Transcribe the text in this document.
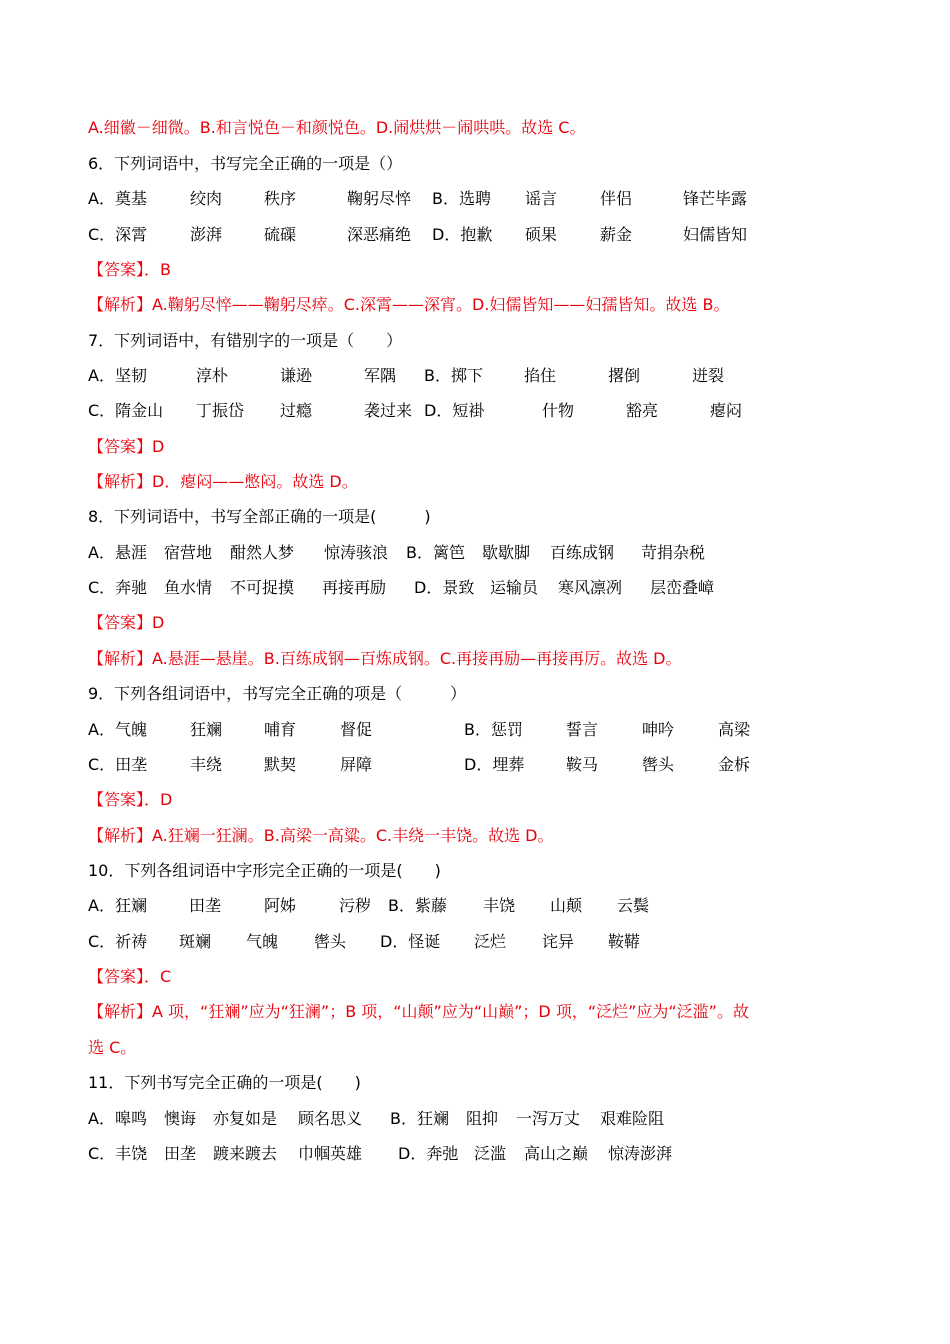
A.细徽－细微。B.和言悦色－和颜悦色。D.闹烘烘－闹哄哄。故选 C。
6．下列词语中，书写完全正确的一项是（）
A．奠基	绞肉	秩序	鞠躬尽悴 B．选聘 谣言	伴侣	锋芒毕露
C．深霄	澎湃	硫磲	深恶痛绝 D．抱歉 硕果	薪金	妇儒皆知
【答案】．B
【解析】A.鞠躬尽悴——鞠躬尽瘁。C.深霄——深宵。D.妇儒皆知——妇孺皆知。故选 B。
7．下列词语中，有错别字的一项是（　　）
A．坚韧	淳朴	谦逊	军隅 B．掷下	掐住	撂倒	迸裂
C．隋金山 丁振岱 过瘾	袭过来 D．短褂	什物	豁亮	瘪闷
【答案】D
【解析】D．瘪闷——憋闷。故选 D。
8．下列词语中，书写全部正确的一项是(　　　)
A．悬涯 宿营地 酣然人梦 惊涛骇浪 B．篱笆 歇歇脚 百练成钢 苛捐杂税
C．奔驰 鱼水情 不可捉摸 再接再励 D．景致 运输员 寒风凛冽 层峦叠嶂
【答案】D
【解析】A.悬涯—悬崖。B.百练成钢—百炼成钢。C.再接再励—再接再厉。故选 D。
9．下列各组词语中，书写完全正确的项是（　　　）
A．气魄	狂斓	哺育	督促	B．惩罚	誓言	呻吟	高梁
C．田垄	丰绕	默契	屏障	D．埋葬	鞍马	辔头	金柝
【答案】．D
【解析】A.狂斓一狂澜。B.高梁一高粱。C.丰绕一丰饶。故选 D。
10．下列各组词语中字形完全正确的一项是(　　)
A．狂斓	田垄	阿姊	污秽 B．紫藤 丰饶 山颠 云鬓
C．祈祷 斑斓 气魄 辔头 D．怪诞 泛烂 诧异 鞍鞯
【答案】．C
【解析】A 项，“狂斓”应为“狂澜”；B 项，“山颠”应为“山巅”；D 项，“泛烂”应为“泛滥”。故
选 C。
11．下列书写完全正确的一项是(　　)
A．嗥鸣 懊诲 亦复如是 顾名思义 B．狂斓 阻抑 一泻万丈 艰难险阻
C．丰饶 田垄 踱来踱去 巾帼英雄 D．奔弛 泛滥 高山之巅 惊涛澎湃
